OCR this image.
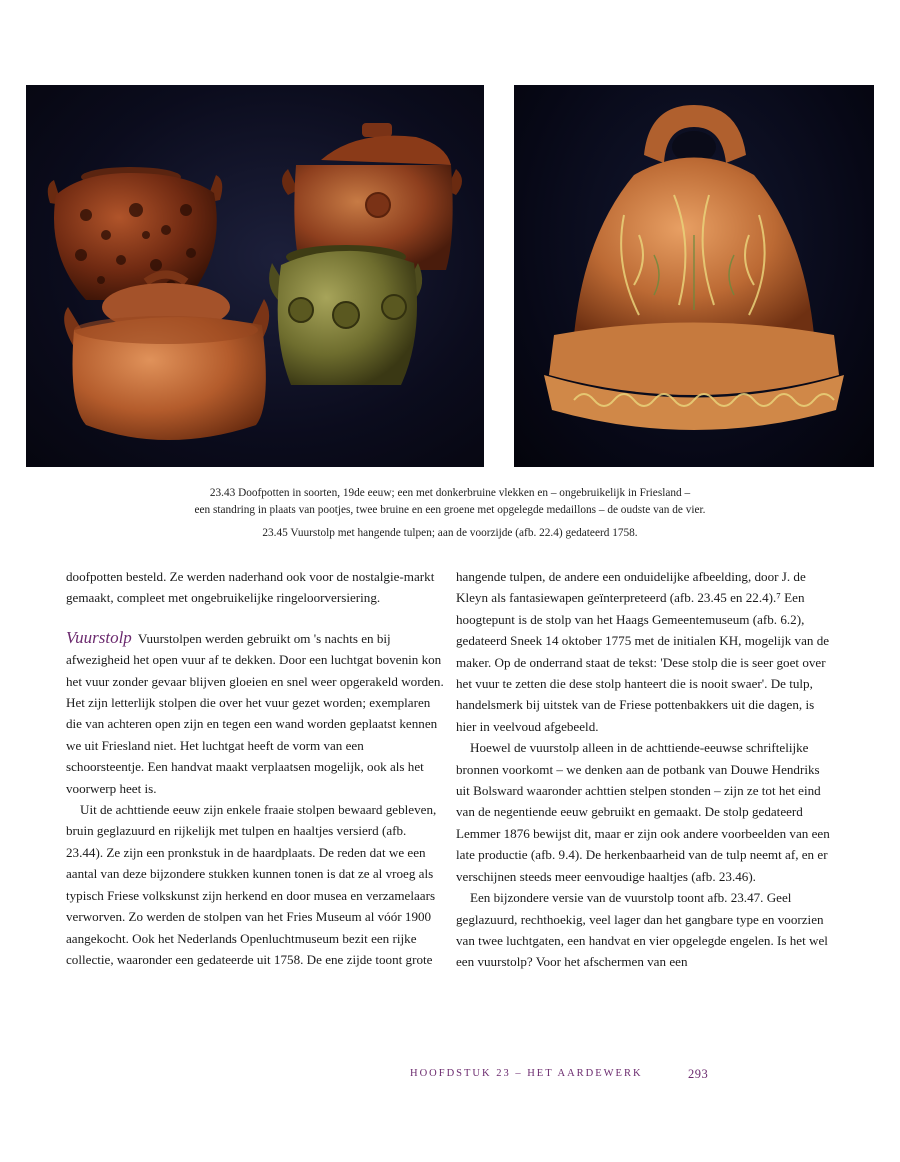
23.43 Doofpotten in soorten, 19de eeuw; een met donkerbruine vlekken en – ongebruikelijk in Friesland –

een standring in plaats van pootjes, twee bruine en een groene met opgelegde medaillons – de oudste van de vier.

23.45 Vuurstolp met hangende tulpen; aan de voorzijde (afb. 22.4) gedateerd 1758.

doofpotten besteld. Ze werden naderhand ook voor de nostalgie-markt gemaakt, compleet met ongebruikelijke ringeloorversiering.

Vuurstolp Vuurstolpen werden gebruikt om 's nachts en bij afwezigheid het open vuur af te dekken. Door een luchtgat bovenin kon het vuur zonder gevaar blijven gloeien en snel weer opgerakeld worden. Het zijn letterlijk stolpen die over het vuur gezet worden; exemplaren die van achteren open zijn en tegen een wand worden geplaatst kennen we uit Friesland niet. Het luchtgat heeft de vorm van een schoorsteentje. Een handvat maakt verplaatsen mogelijk, ook als het voorwerp heet is.

Uit de achttiende eeuw zijn enkele fraaie stolpen bewaard gebleven, bruin geglazuurd en rijkelijk met tulpen en haaltjes versierd (afb. 23.44). Ze zijn een pronkstuk in de haardplaats. De reden dat we een aantal van deze bijzondere stukken kunnen tonen is dat ze al vroeg als typisch Friese volkskunst zijn herkend en door musea en verzamelaars verworven. Zo werden de stolpen van het Fries Museum al vóór 1900 aangekocht. Ook het Nederlands Openluchtmuseum bezit een rijke collectie, waaronder een gedateerde uit 1758. De ene zijde toont grote

hangende tulpen, de andere een onduidelijke afbeelding, door J. de Kleyn als fantasiewapen geïnterpreteerd (afb. 23.45 en 22.4).⁷ Een hoogtepunt is de stolp van het Haags Gemeentemuseum (afb. 6.2), gedateerd Sneek 14 oktober 1775 met de initialen KH, mogelijk van de maker. Op de onderrand staat de tekst: 'Dese stolp die is seer goet over het vuur te zetten die dese stolp hanteert die is nooit swaer'. De tulp, handelsmerk bij uitstek van de Friese pottenbakkers uit die dagen, is hier in veelvoud afgebeeld.

Hoewel de vuurstolp alleen in de achttiende-eeuwse schriftelijke bronnen voorkomt – we denken aan de potbank van Douwe Hendriks uit Bolsward waaronder achttien stelpen stonden – zijn ze tot het eind van de negentiende eeuw gebruikt en gemaakt. De stolp gedateerd Lemmer 1876 bewijst dit, maar er zijn ook andere voorbeelden van een late productie (afb. 9.4). De herkenbaarheid van de tulp neemt af, en er verschijnen steeds meer eenvoudige haaltjes (afb. 23.46).

Een bijzondere versie van de vuurstolp toont afb. 23.47. Geel geglazuurd, rechthoekig, veel lager dan het gangbare type en voorzien van twee luchtgaten, een handvat en vier opgelegde engelen. Is het wel een vuurstolp? Voor het afschermen van een

HOOFDSTUK 23 – HET AARDEWERK	293
